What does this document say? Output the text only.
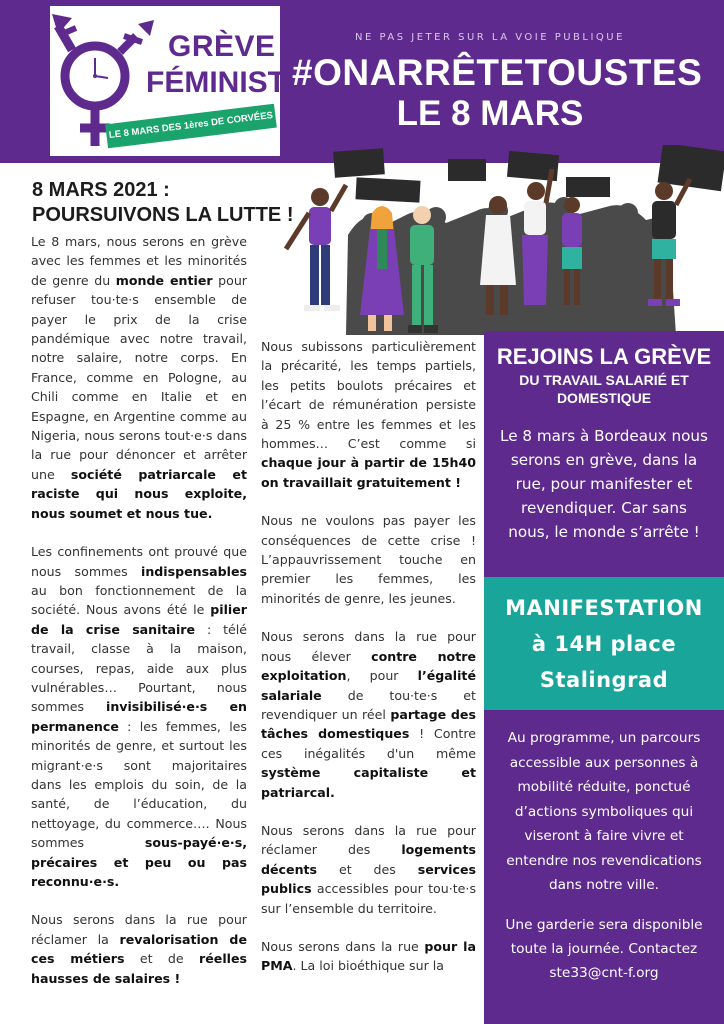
GRÈVE
FÉMINISTE
LE 8 MARS DES 1ères DE CORVÉES
NE PAS JETER SUR LA VOIE PUBLIQUE
#ONARRÊTETOUSTES
LE 8 MARS
8 MARS 2021 :
POURSUIVONS LA LUTTE !

Le 8 mars, nous serons en grève avec les femmes et les minorités de genre du monde entier pour refuser tou·te·s ensemble de payer le prix de la crise pandémique avec notre travail, notre salaire, notre corps. En France, comme en Pologne, au Chili comme en Italie et en Espagne, en Argentine comme au Nigeria, nous serons tout·e·s dans la rue pour dénoncer et arrêter une société patriarcale et raciste qui nous exploite, nous soumet et nous tue.

Les confinements ont prouvé que nous sommes indispensables au bon fonctionnement de la société. Nous avons été le pilier de la crise sanitaire : télé travail, classe à la maison, courses, repas, aide aux plus vulnérables… Pourtant, nous sommes invisibilisé·e·s en permanence : les femmes, les minorités de genre, et surtout les migrant·e·s sont majoritaires dans les emplois du soin, de la santé, de l’éducation, du nettoyage, du commerce…. Nous sommes sous-payé·e·s, précaires et peu ou pas reconnu·e·s.

Nous serons dans la rue pour réclamer la revalorisation de ces métiers et de réelles hausses de salaires !

Nous subissons particulièrement la précarité, les temps partiels, les petits boulots précaires et l’écart de rémunération persiste à 25 % entre les femmes et les hommes… C’est comme si chaque jour à partir de 15h40 on travaillait gratuitement !

Nous ne voulons pas payer les conséquences de cette crise ! L’appauvrissement touche en premier les femmes, les minorités de genre, les jeunes.

Nous serons dans la rue pour nous élever contre notre exploitation, pour l’égalité salariale de tou·te·s et revendiquer un réel partage des tâches domestiques ! Contre ces inégalités d'un même système capitaliste et patriarcal.

Nous serons dans la rue pour réclamer des logements décents et des services publics accessibles pour tou·te·s sur l’ensemble du territoire.

Nous serons dans la rue pour la PMA. La loi bioéthique sur la

REJOINS LA GRÈVE
DU TRAVAIL SALARIÉ ET
DOMESTIQUE
Le 8 mars à Bordeaux nous serons en grève, dans la rue, pour manifester et revendiquer. Car sans nous, le monde s’arrête !
MANIFESTATION
à 14H place
Stalingrad
Au programme, un parcours accessible aux personnes à mobilité réduite, ponctué d’actions symboliques qui viseront à faire vivre et entendre nos revendications dans notre ville.
Une garderie sera disponible toute la journée. Contactez
ste33@cnt-f.org
